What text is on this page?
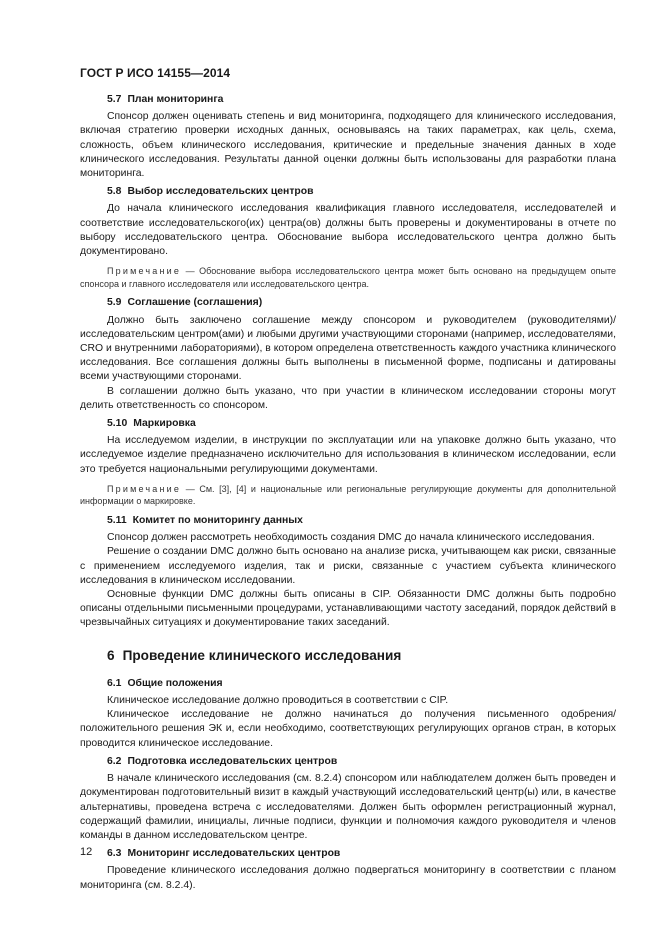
ГОСТ Р ИСО 14155—2014
5.7 План мониторинга

Спонсор должен оценивать степень и вид мониторинга, подходящего для клинического исследования, включая стратегию проверки исходных данных, основываясь на таких параметрах, как цель, схема, сложность, объем клинического исследования, критические и предельные значения данных в ходе клинического исследования. Результаты данной оценки должны быть использованы для разработки плана мониторинга.

5.8 Выбор исследовательских центров

До начала клинического исследования квалификация главного исследователя, исследователей и соответствие исследовательского(их) центра(ов) должны быть проверены и документированы в отчете по выбору исследовательского центра. Обоснование выбора исследовательского центра должно быть документировано.

Примечание — Обоснование выбора исследовательского центра может быть основано на предыдущем опыте спонсора и главного исследователя или исследовательского центра.
5.9 Соглашение (соглашения)

Должно быть заключено соглашение между спонсором и руководителем (руководителями)/исследовательским центром(ами) и любыми другими участвующими сторонами (например, исследователями, CRO и внутренними лабораториями), в котором определена ответственность каждого участника клинического исследования. Все соглашения должны быть выполнены в письменной форме, подписаны и датированы всеми участвующими сторонами.

В соглашении должно быть указано, что при участии в клиническом исследовании стороны могут делить ответственность со спонсором.

5.10 Маркировка

На исследуемом изделии, в инструкции по эксплуатации или на упаковке должно быть указано, что исследуемое изделие предназначено исключительно для использования в клиническом исследовании, если это требуется национальными регулирующими документами.

Примечание — См. [3], [4] и национальные или региональные регулирующие документы для дополнительной информации о маркировке.
5.11 Комитет по мониторингу данных

Спонсор должен рассмотреть необходимость создания DMC до начала клинического исследования.

Решение о создании DMC должно быть основано на анализе риска, учитывающем как риски, связанные с применением исследуемого изделия, так и риски, связанные с участием субъекта клинического исследования в клиническом исследовании.

Основные функции DMC должны быть описаны в CIP. Обязанности DMC должны быть подробно описаны отдельными письменными процедурами, устанавливающими частоту заседаний, порядок действий в чрезвычайных ситуациях и документирование таких заседаний.

6 Проведение клинического исследования
6.1 Общие положения

Клиническое исследование должно проводиться в соответствии с CIP.

Клиническое исследование не должно начинаться до получения письменного одобрения/положительного решения ЭК и, если необходимо, соответствующих регулирующих органов стран, в которых проводится клиническое исследование.

6.2 Подготовка исследовательских центров

В начале клинического исследования (см. 8.2.4) спонсором или наблюдателем должен быть проведен и документирован подготовительный визит в каждый участвующий исследовательский центр(ы) или, в качестве альтернативы, проведена встреча с исследователями. Должен быть оформлен регистрационный журнал, содержащий фамилии, инициалы, личные подписи, функции и полномочия каждого руководителя и членов команды в данном исследовательском центре.

6.3 Мониторинг исследовательских центров

Проведение клинического исследования должно подвергаться мониторингу в соответствии с планом мониторинга (см. 8.2.4).

12
